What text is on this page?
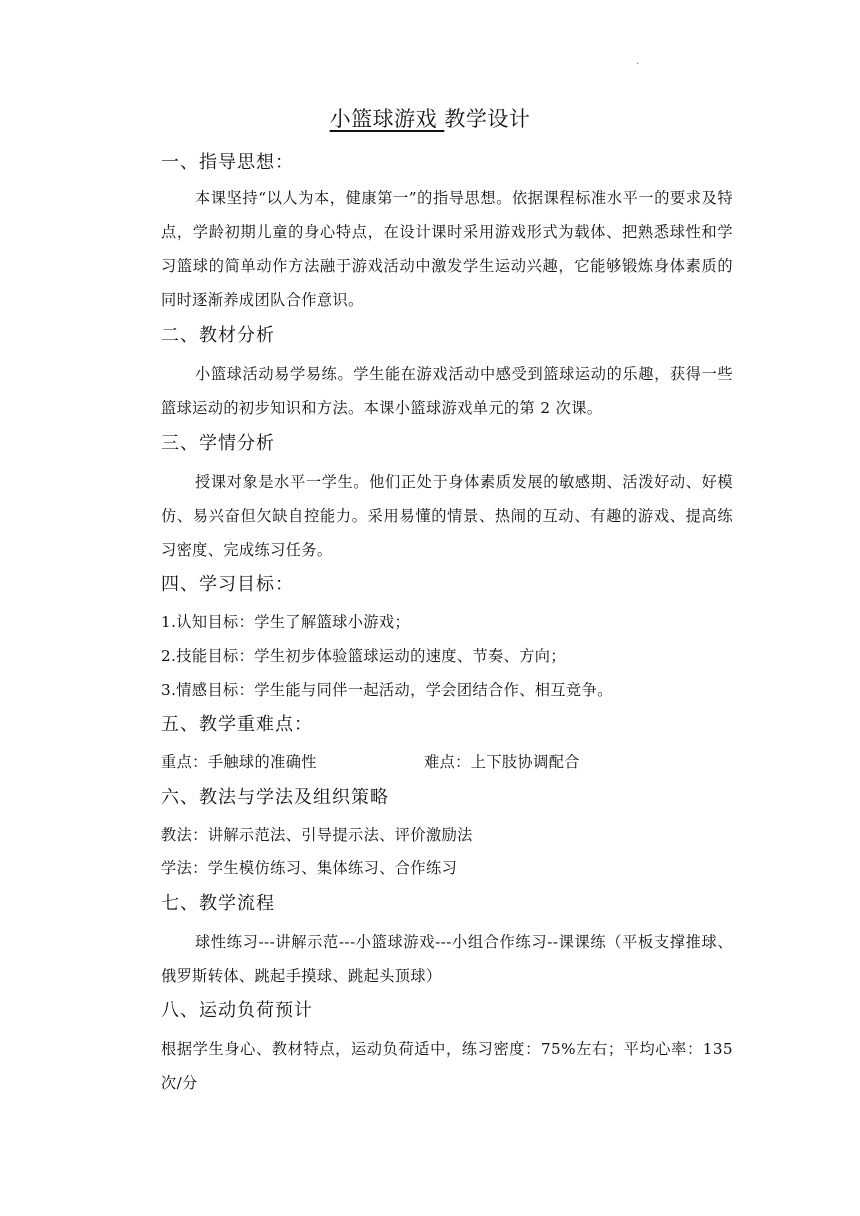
.
小篮球游戏 教学设计
一、指导思想：
本课坚持“以人为本，健康第一”的指导思想。依据课程标准水平一的要求及特点，学龄初期儿童的身心特点，在设计课时采用游戏形式为载体、把熟悉球性和学习篮球的简单动作方法融于游戏活动中激发学生运动兴趣，它能够锻炼身体素质的同时逐渐养成团队合作意识。
二、教材分析
小篮球活动易学易练。学生能在游戏活动中感受到篮球运动的乐趣，获得一些篮球运动的初步知识和方法。本课小篮球游戏单元的第 2 次课。
三、学情分析
授课对象是水平一学生。他们正处于身体素质发展的敏感期、活泼好动、好模仿、易兴奋但欠缺自控能力。采用易懂的情景、热闹的互动、有趣的游戏、提高练习密度、完成练习任务。
四、学习目标：
1.认知目标：学生了解篮球小游戏；
2.技能目标：学生初步体验篮球运动的速度、节奏、方向；
3.情感目标：学生能与同伴一起活动，学会团结合作、相互竞争。
五、教学重难点：
重点：手触球的准确性	难点：上下肢协调配合
六、教法与学法及组织策略
教法：讲解示范法、引导提示法、评价激励法
学法：学生模仿练习、集体练习、合作练习
七、教学流程
球性练习---讲解示范---小篮球游戏---小组合作练习--课课练（平板支撑推球、俄罗斯转体、跳起手摸球、跳起头顶球）
八、运动负荷预计
根据学生身心、教材特点，运动负荷适中，练习密度：75%左右；平均心率：135 次/分
